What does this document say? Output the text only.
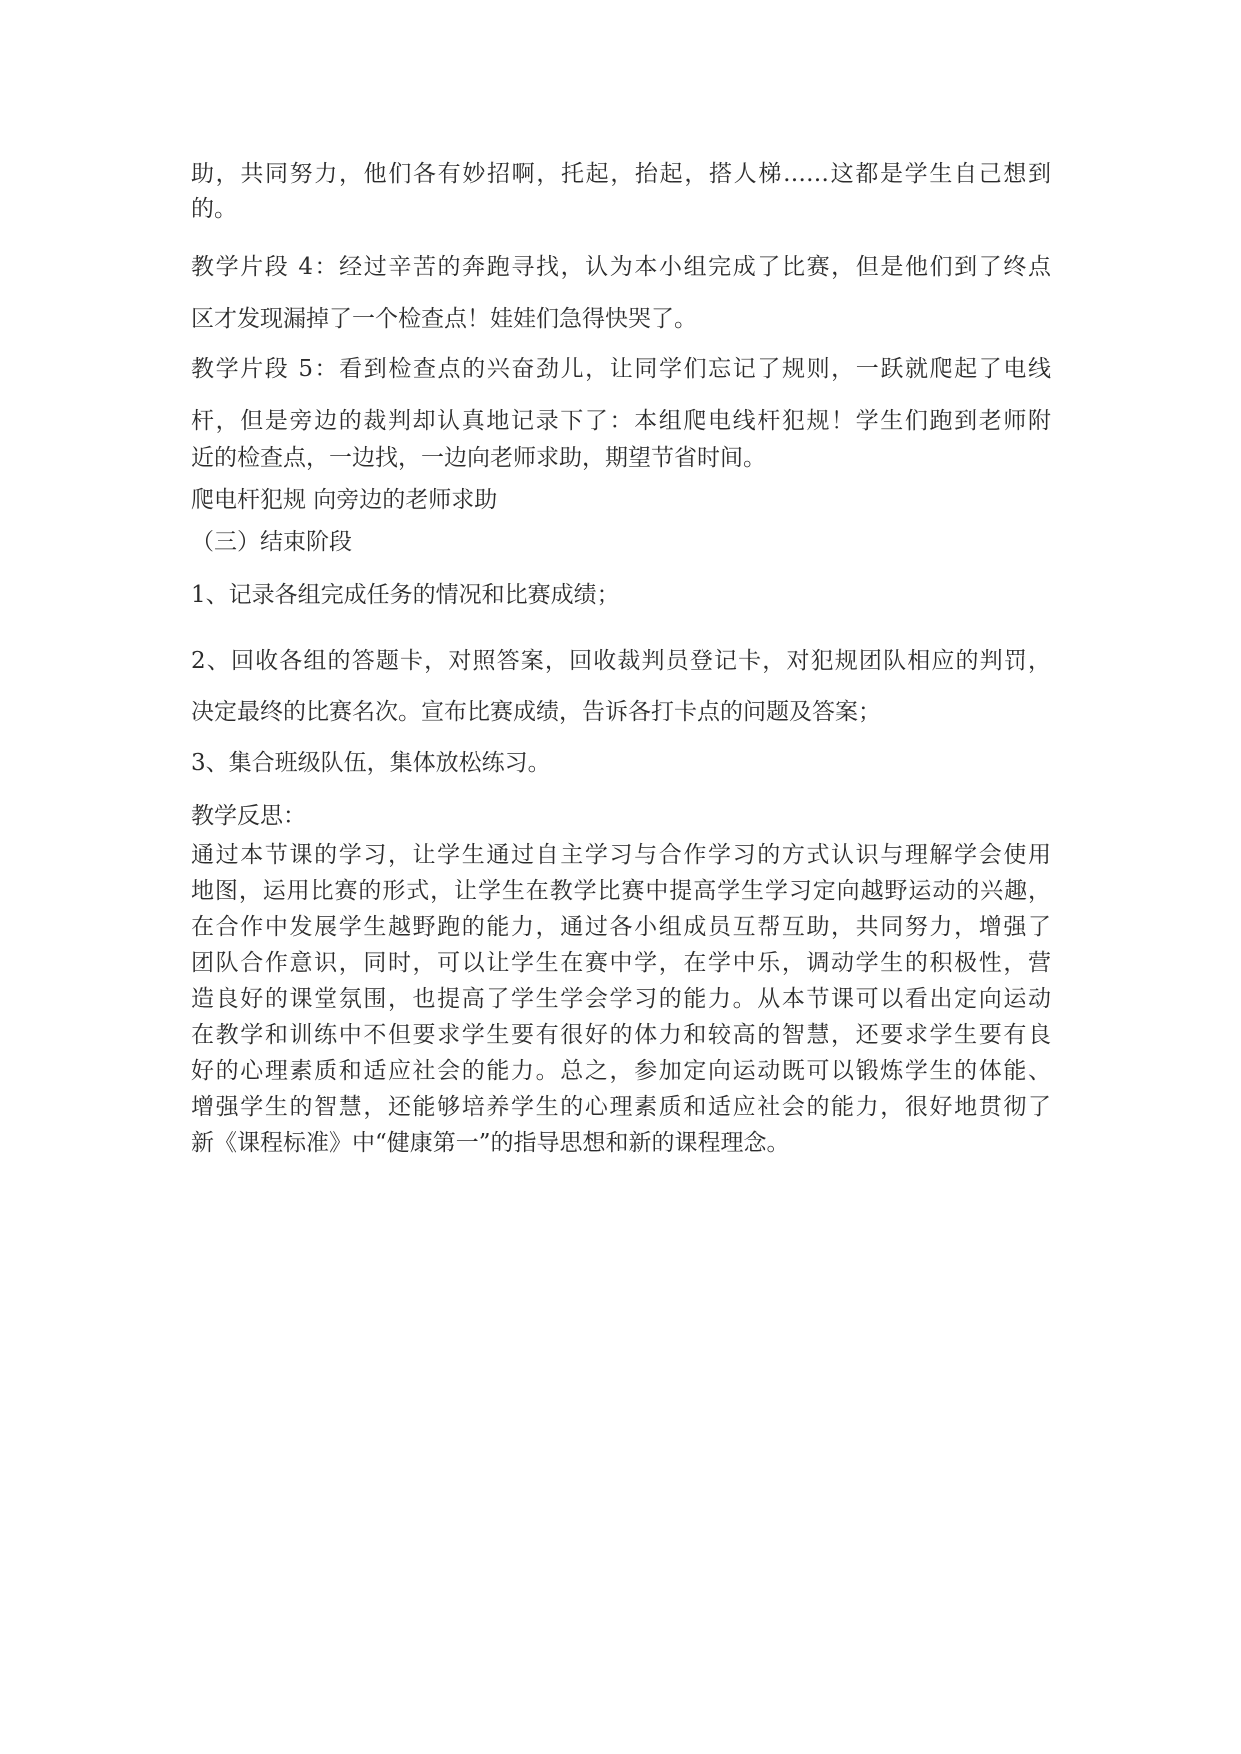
助，共同努力，他们各有妙招啊，托起，抬起，搭人梯……这都是学生自己想到
的。
教学片段 4：经过辛苦的奔跑寻找，认为本小组完成了比赛，但是他们到了终点
区才发现漏掉了一个检查点！娃娃们急得快哭了。
教学片段 5：看到检查点的兴奋劲儿，让同学们忘记了规则，一跃就爬起了电线
杆，但是旁边的裁判却认真地记录下了：本组爬电线杆犯规！学生们跑到老师附
近的检查点，一边找，一边向老师求助，期望节省时间。
爬电杆犯规 向旁边的老师求助
（三）结束阶段
1、记录各组完成任务的情况和比赛成绩；
2、回收各组的答题卡，对照答案，回收裁判员登记卡，对犯规团队相应的判罚，
决定最终的比赛名次。宣布比赛成绩，告诉各打卡点的问题及答案；
3、集合班级队伍，集体放松练习。
教学反思：
通过本节课的学习，让学生通过自主学习与合作学习的方式认识与理解学会使用
地图，运用比赛的形式，让学生在教学比赛中提高学生学习定向越野运动的兴趣，
在合作中发展学生越野跑的能力，通过各小组成员互帮互助，共同努力，增强了
团队合作意识，同时，可以让学生在赛中学，在学中乐，调动学生的积极性，营
造良好的课堂氛围，也提高了学生学会学习的能力。从本节课可以看出定向运动
在教学和训练中不但要求学生要有很好的体力和较高的智慧，还要求学生要有良
好的心理素质和适应社会的能力。总之，参加定向运动既可以锻炼学生的体能、
增强学生的智慧，还能够培养学生的心理素质和适应社会的能力，很好地贯彻了
新《课程标准》中“健康第一”的指导思想和新的课程理念。
